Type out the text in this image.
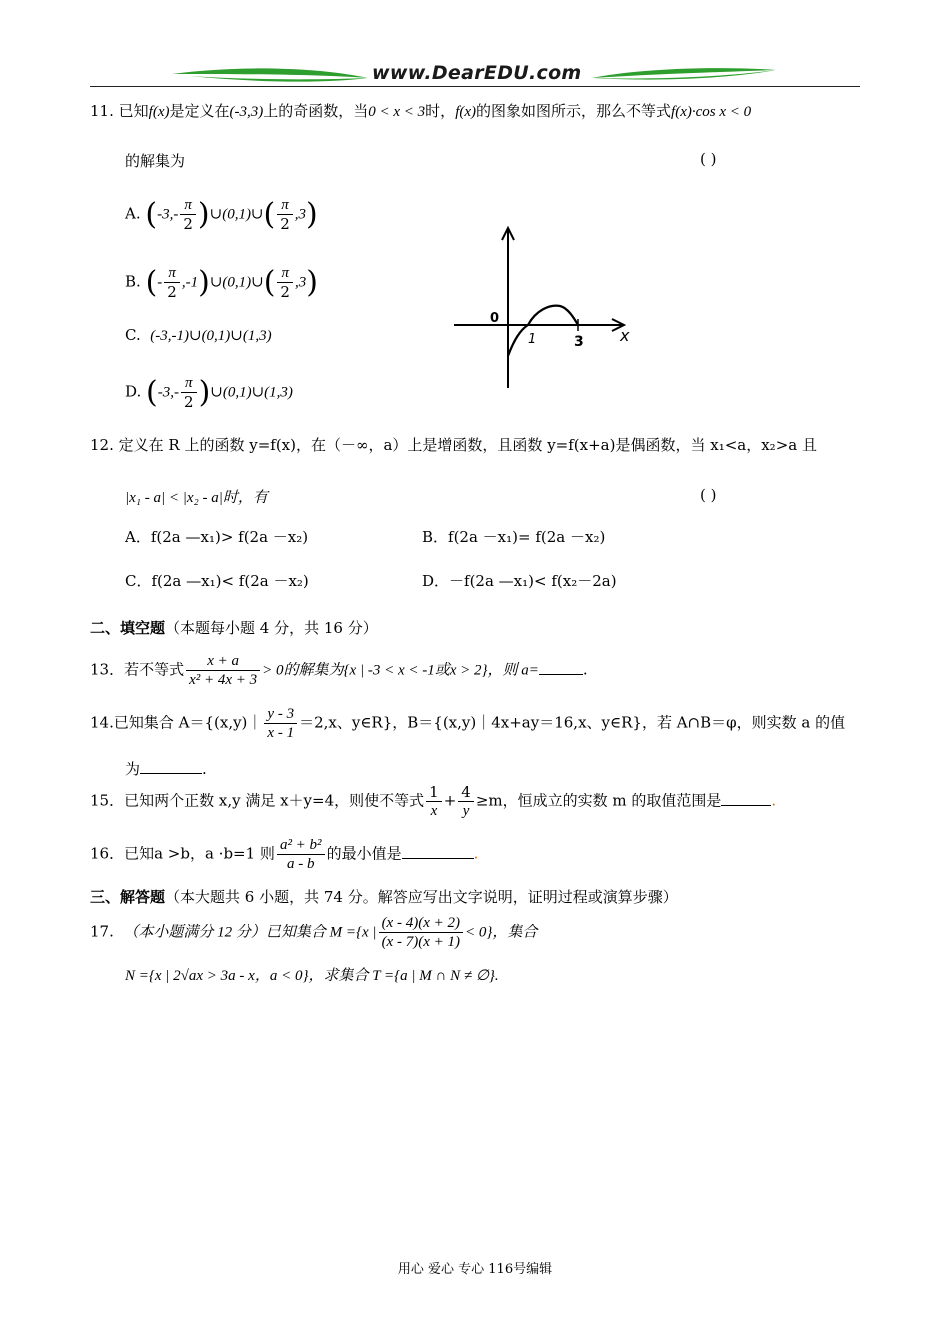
www.DearEDU.com
11. 已知f(x)是定义在(-3,3)上的奇函数，当0 < x < 3时，f(x)的图象如图所示，那么不等式f(x)·cos x < 0
的解集为	( )
A. ($-3,- \frac{\pi}{2}$ )∪(0,1)∪( $\frac{\pi}{2} ,3$)
B. (- $\frac{\pi}{2}$ ,-1)∪(0,1)∪( $\frac{\pi}{2} ,3$)
C. (-3,-1)∪(0,1)∪(1,3)
D. ($-3,- \frac{\pi}{2}$ )∪(0,1)∪(1,3)
0
1	3 x
12. 定义在 R 上的函数 y=f(x)，在（－∞，a）上是增函数，且函数 y=f(x+a)是偶函数，当 x₁<a，x₂>a 且
|x₁ - a| < |x₂ - a|时，有	( )
A．f(2a —x₁)> f(2a －x₂)	B．f(2a －x₁)= f(2a －x₂)
C．f(2a —x₁)< f(2a －x₂)	D．－f(2a —x₁)< f(x₂－2a)
二、填空题（本题每小题 4 分，共 16 分）
13．若不等式 $\frac{x + a}{\text{x² + 4x + 3}} > 0$的解集为{x | -3 < x < -1或x > 2}，则 a=	.
14.已知集合 A＝{(x,y)｜ $\frac{y - 3}{x - 1} =2,x$、y∈R}，B＝{(x,y)｜4x+ay＝16,x、y∈R}，若 A∩B＝φ，则实数 a 的值
为	.
15．已知两个正数 x,y 满足 x＋y=4，则使不等式 $\frac{1}{x} + \frac{4}{y} \ge m$，恒成立的实数 m 的取值范围是	.
16．已知a >b，a ·b=1 则 $\frac{\text{a² + b²}}{a - b}$ 的最小值是	.
三、解答题（本大题共 6 小题，共 74 分。解答应写出文字说明，证明过程或演算步骤）
17. （本小题满分 12 分）已知集合 M ={x | $\frac{(x - 4)(x + 2)}{(x - 7)(x + 1)} < 0$}，集合
N ={x | 2√ax > 3a - x，a < 0}，求集合 T ={a | M ∩ N ≠ ∅}.
用心 爱心 专心 116号编辑
